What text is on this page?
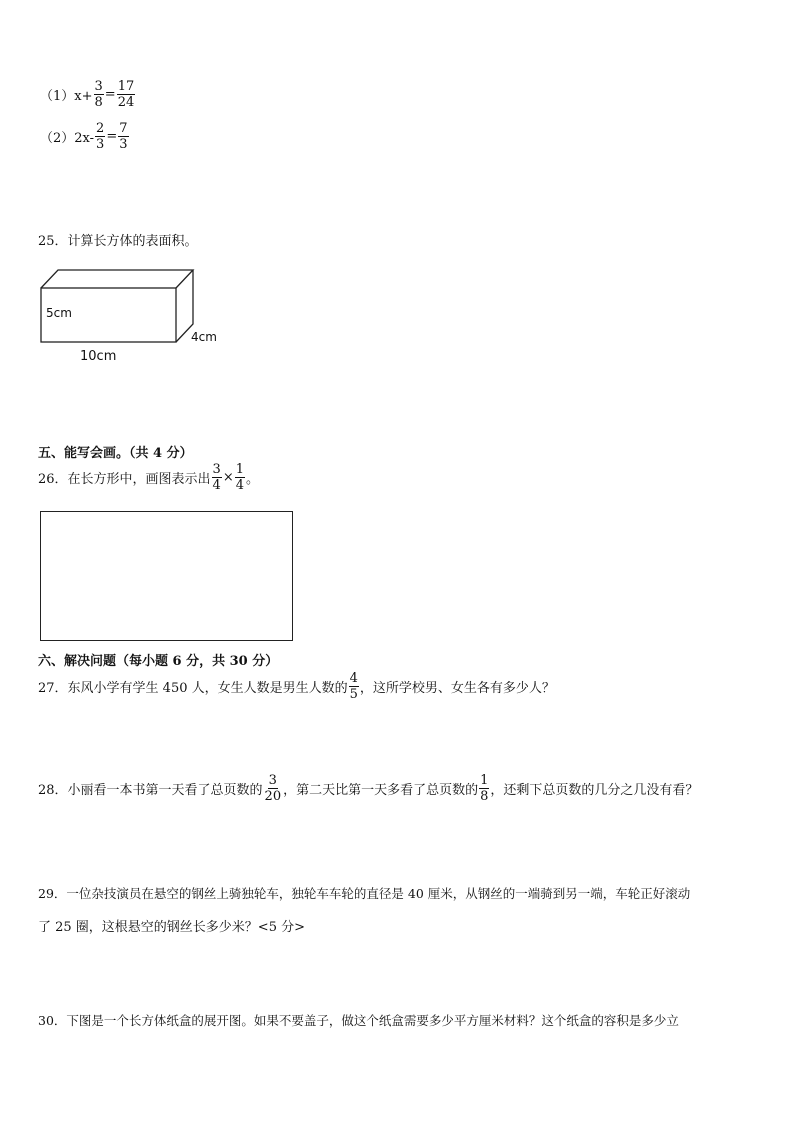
$(1)x+ \frac{3}{8} = \frac{17}{24}$
$(2)2x- \frac{2}{3} = \frac{7}{3}$
25．计算长方体的表面积。
5cm
4cm
10cm
五、能写会画。（共 4 分）
26．在长方形中，画图表示出 $\frac{3}{4} \times \frac{1}{4}$ 。
六、解决问题（每小题 6 分，共 30 分）
27．东风小学有学生 450 人，女生人数是男生人数的 $\frac{4}{5}$ ，这所学校男、女生各有多少人？
28．小丽看一本书第一天看了总页数的 $\frac{3}{20}$ ，第二天比第一天多看了总页数的 $\frac{1}{8}$ ，还剩下总页数的几分之几没有看？
29．一位杂技演员在悬空的钢丝上骑独轮车，独轮车车轮的直径是 40 厘米，从钢丝的一端骑到另一端，车轮正好滚动
了 25 圈，这根悬空的钢丝长多少米？<5 分>
30．下图是一个长方体纸盒的展开图。如果不要盖子，做这个纸盒需要多少平方厘米材料？这个纸盒的容积是多少立
